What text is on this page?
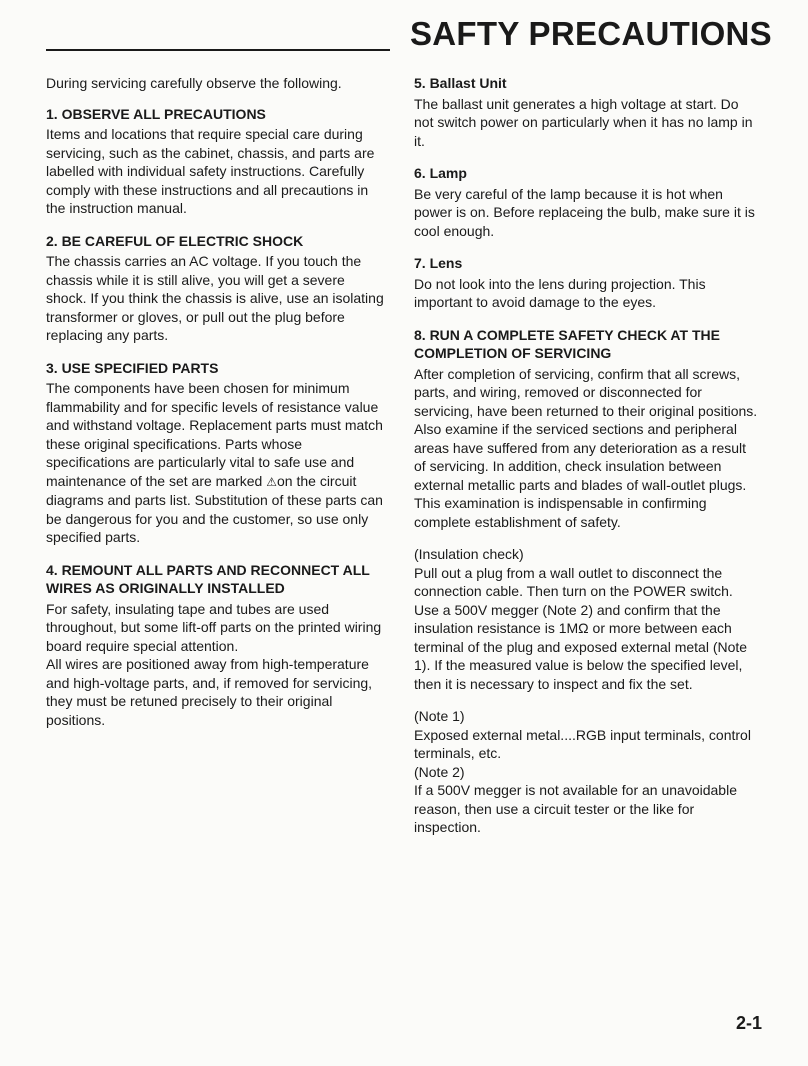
SAFTY PRECAUTIONS

During servicing carefully observe the following.

1. OBSERVE ALL PRECAUTIONS

Items and locations that require special care during servicing, such as the cabinet, chassis, and parts are labelled with individual safety instructions. Carefully comply with these instructions and all precautions in the instruction manual.

2. BE CAREFUL OF ELECTRIC SHOCK

The chassis carries an AC voltage. If you touch the chassis while it is still alive, you will get a severe shock. If you think the chassis is alive, use an isolating transformer or gloves, or pull out the plug before replacing any parts.

3. USE SPECIFIED PARTS

The components have been chosen for minimum flammability and for specific levels of resistance value and withstand voltage. Replacement parts must match these original specifications. Parts whose specifications are particularly vital to safe use and maintenance of the set are marked ⚠on the circuit diagrams and parts list. Substitution of these parts can be dangerous for you and the customer, so use only specified parts.

4. REMOUNT ALL PARTS AND RECONNECT ALL WIRES AS ORIGINALLY INSTALLED

For safety, insulating tape and tubes are used throughout, but some lift-off parts on the printed wiring board require special attention.

All wires are positioned away from high-temperature and high-voltage parts, and, if removed for servicing, they must be retuned precisely to their original positions.

5. Ballast Unit

The ballast unit generates a high voltage at start. Do not switch power on particularly when it has no lamp in it.

6. Lamp

Be very careful of the lamp because it is hot when power is on. Before replaceing the bulb, make sure it is cool enough.

7. Lens

Do not look into the lens during projection. This important to avoid damage to the eyes.

8. RUN A COMPLETE SAFETY CHECK AT THE COMPLETION OF SERVICING

After completion of servicing, confirm that all screws, parts, and wiring, removed or disconnected for servicing, have been returned to their original positions. Also examine if the serviced sections and peripheral areas have suffered from any deterioration as a result of servicing. In addition, check insulation between external metallic parts and blades of wall-outlet plugs. This examination is indispensable in confirming complete establishment of safety.

(Insulation check)

Pull out a plug from a wall outlet to disconnect the connection cable. Then turn on the POWER switch. Use a 500V megger (Note 2) and confirm that the insulation resistance is 1MΩ or more between each terminal of the plug and exposed external metal (Note 1). If the measured value is below the specified level, then it is necessary to inspect and fix the set.

(Note 1)

Exposed external metal....RGB input terminals, control terminals, etc.

(Note 2)

If a 500V megger is not available for an unavoidable reason, then use a circuit tester or the like for inspection.

2-1
